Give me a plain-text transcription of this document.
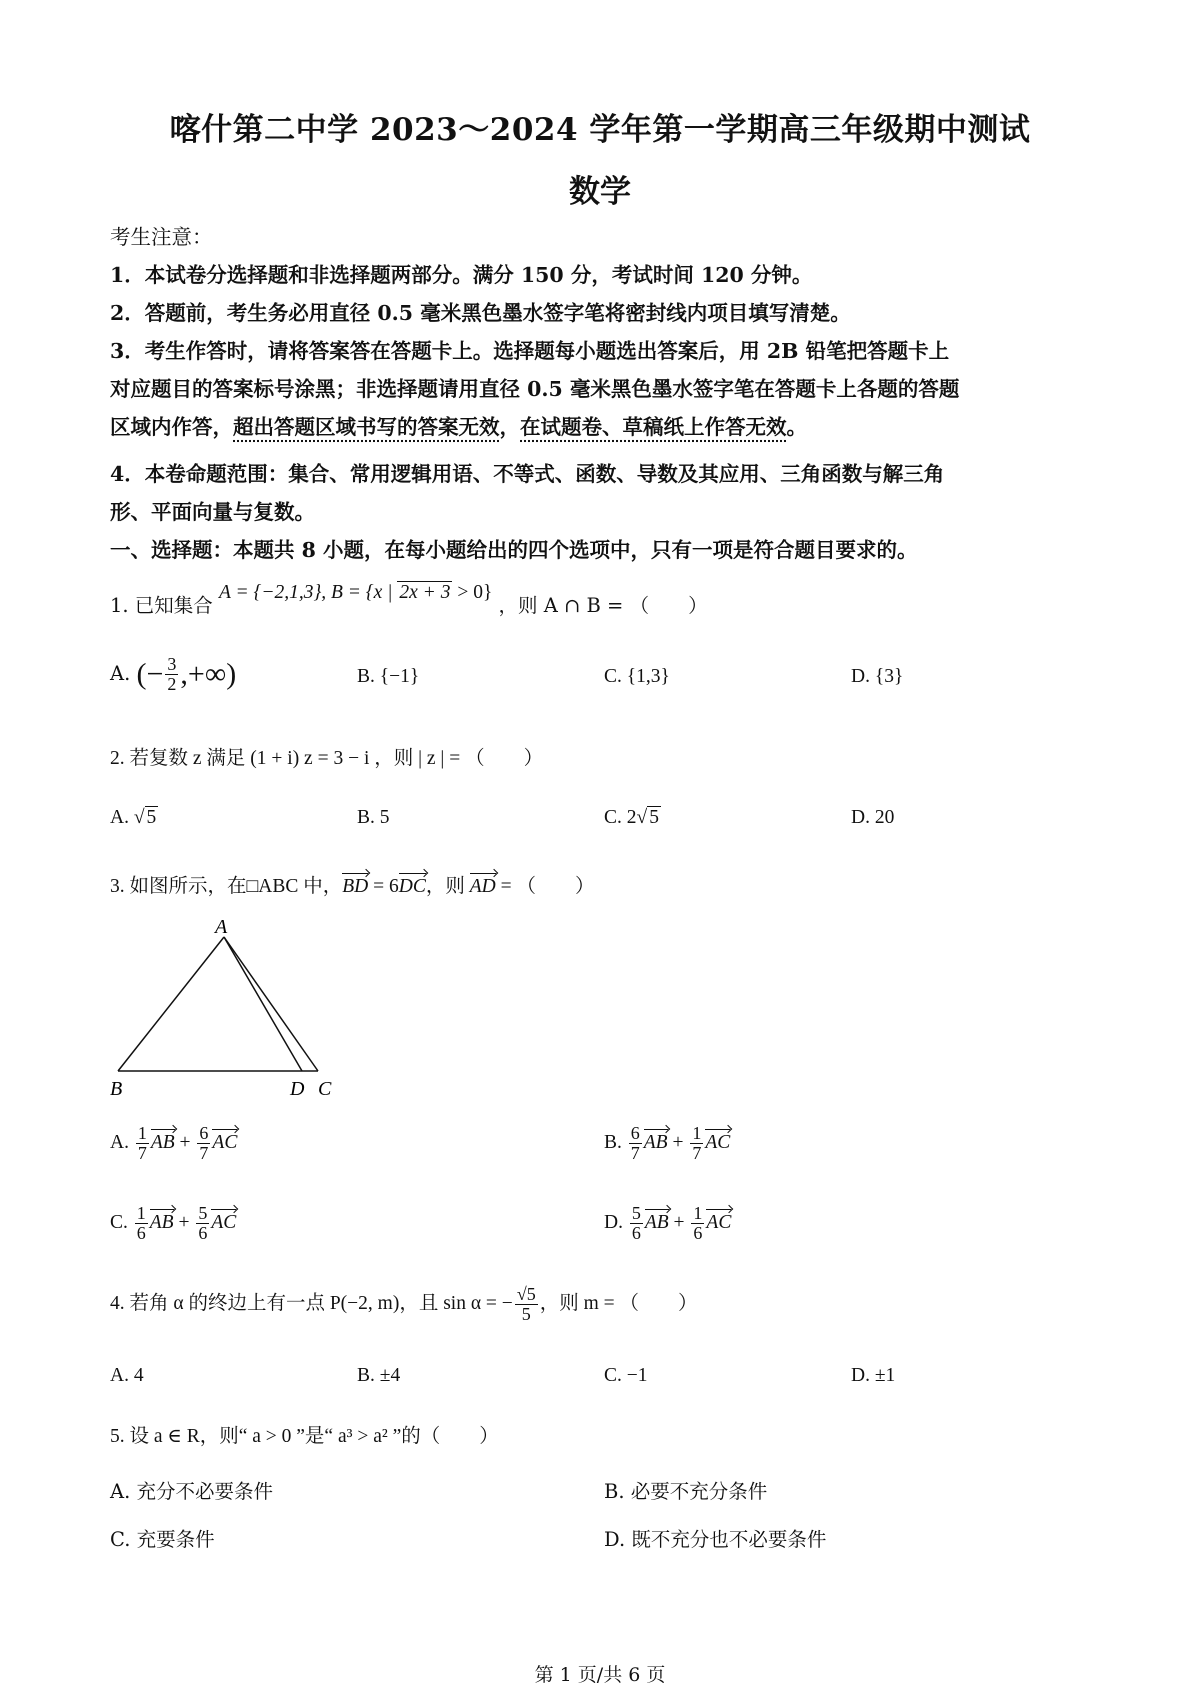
喀什第二中学 2023～2024 学年第一学期高三年级期中测试
数学
考生注意：
1．本试卷分选择题和非选择题两部分。满分 150 分，考试时间 120 分钟。
2．答题前，考生务必用直径 0.5 毫米黑色墨水签字笔将密封线内项目填写清楚。
3．考生作答时，请将答案答在答题卡上。选择题每小题选出答案后，用 2B 铅笔把答题卡上
对应题目的答案标号涂黑；非选择题请用直径 0.5 毫米黑色墨水签字笔在答题卡上各题的答题
区域内作答，超出答题区域书写的答案无效，在试题卷、草稿纸上作答无效。
4．本卷命题范围：集合、常用逻辑用语、不等式、函数、导数及其应用、三角函数与解三角
形、平面向量与复数。
一、选择题：本题共 8 小题，在每小题给出的四个选项中，只有一项是符合题目要求的。
1. 已知集合 A = {−2,1,3}, B = {x | 2x + 3 > 0} ，则 A ∩ B = （　　）
A. (− $\frac{3}{2}$ ,+∞)	B. {−1}	C. {1,3}	D. {3}
2. 若复数 z 满足 (1 + i) z = 3 − i ，则 | z | = （　　）
A. √ 5	B. 5	C. 2√ 5	D. 20
3. 如图所示，在□ABC 中，BD = 6DC，则 AD = （　　）
A
B	D C
A. $\frac{1}{7}$ AB + $\frac{6}{7}$ AC	B. $\frac{6}{7}$ AB + $\frac{1}{7}$ AC
C. $\frac{1}{6}$ AB + $\frac{5}{6}$ AC	D. $\frac{5}{6}$ AB + $\frac{1}{6}$ AC
4. 若角 α 的终边上有一点 P(−2, m)，且 sin α = − $\frac{√5}{5}$ ，则 m = （　　）
A. 4	B. ±4	C. −1	D. ±1
5. 设 a ∈ R，则“ a > 0 ”是“ a³ > a² ”的（　　）
A. 充分不必要条件	B. 必要不充分条件
C. 充要条件	D. 既不充分也不必要条件
第 1 页/共 6 页
